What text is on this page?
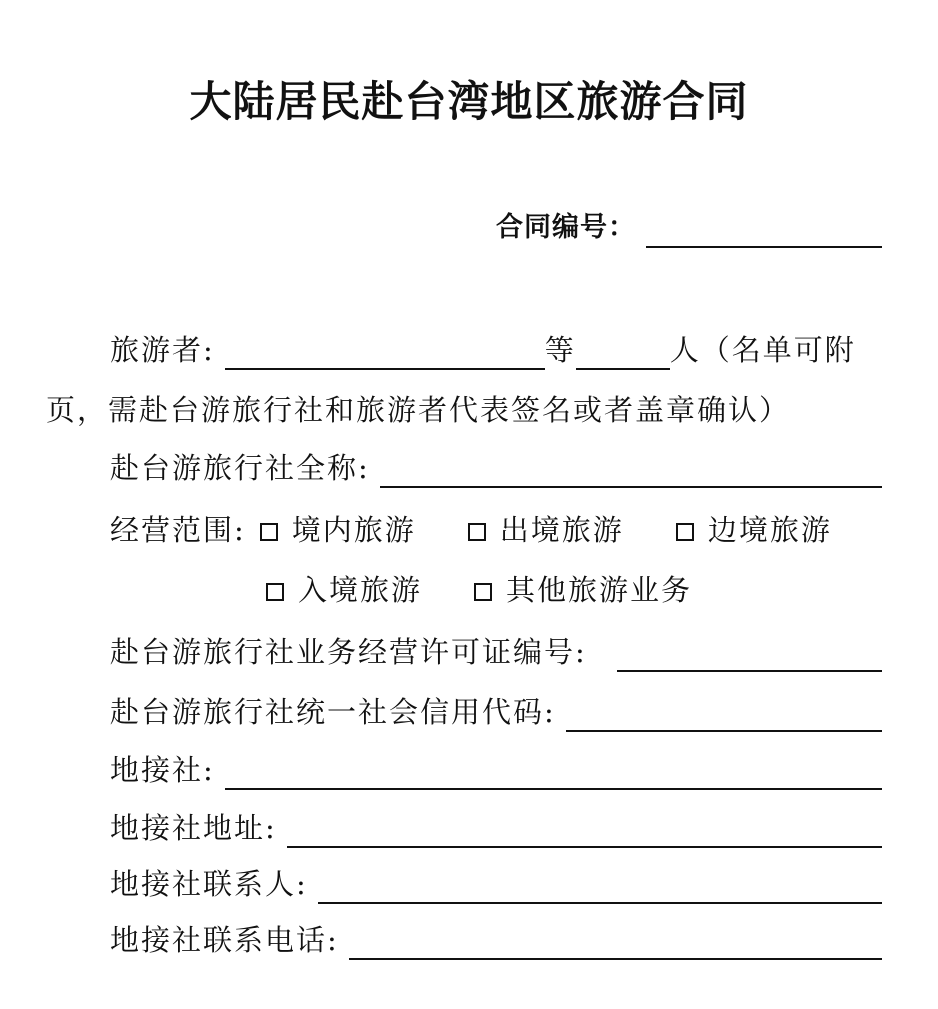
大陆居民赴台湾地区旅游合同
合同编号：
旅游者:	等	人（名单可附
页，需赴台游旅行社和旅游者代表签名或者盖章确认）
赴台游旅行社全称:
经营范围: 境内旅游	出境旅游	边境旅游
入境旅游	其他旅游业务
赴台游旅行社业务经营许可证编号:
赴台游旅行社统一社会信用代码:
地接社:
地接社地址:
地接社联系人:
地接社联系电话:
